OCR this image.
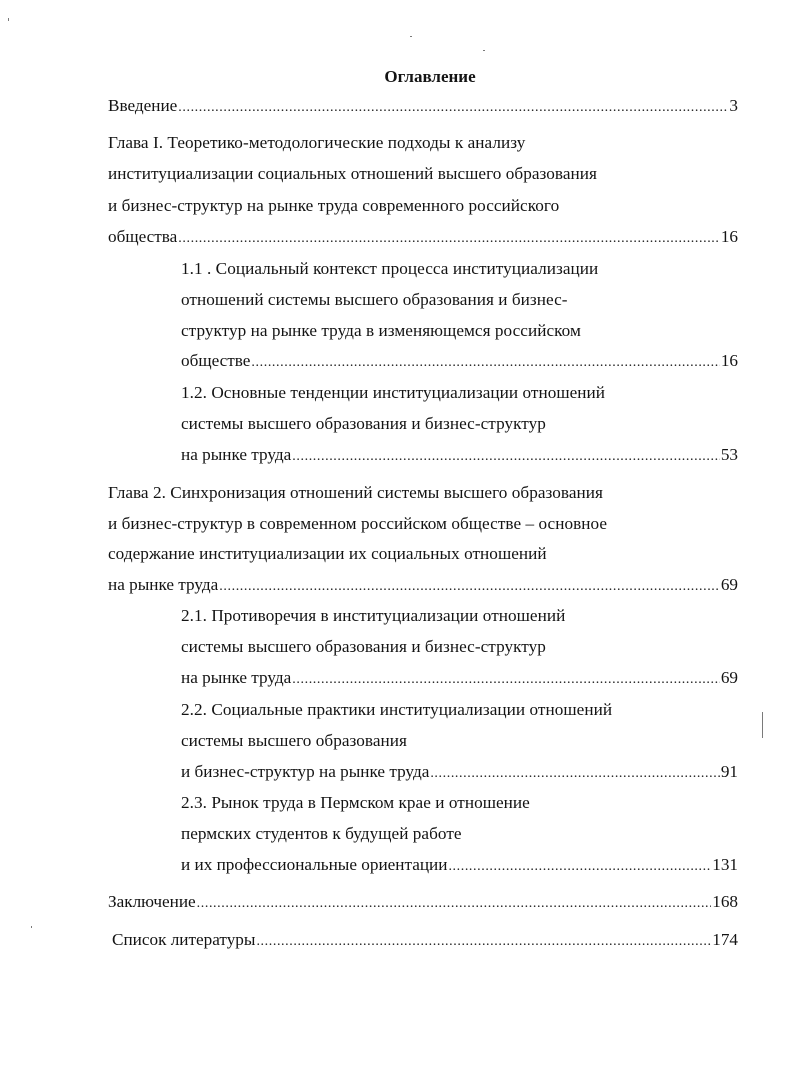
Оглавление
Введение .....	3
Глава I. Теоретико-методологические подходы к анализу
институциализации социальных отношений высшего образования
и бизнес-структур на рынке труда современного российского
общества .....	16
1.1 . Социальный контекст процесса институциализации
отношений системы высшего образования и бизнес-
структур на рынке труда в изменяющемся российском
обществе .....	16
1.2. Основные тенденции институциализации отношений
системы высшего образования и бизнес-структур
на рынке труда .....	53
Глава 2. Синхронизация отношений системы высшего образования
и бизнес-структур в современном российском обществе – основное
содержание институциализации их социальных отношений
на рынке труда .....	69
2.1. Противоречия в институциализации отношений
системы высшего образования и бизнес-структур
на рынке труда .....	69
2.2. Социальные практики институциализации отношений
системы высшего образования
и бизнес-структур на рынке труда .....	91
2.3. Рынок труда в Пермском крае и отношение
пермских студентов к будущей работе
и их профессиональные ориентации .....	131
Заключение .....	168
Список литературы .....	174
